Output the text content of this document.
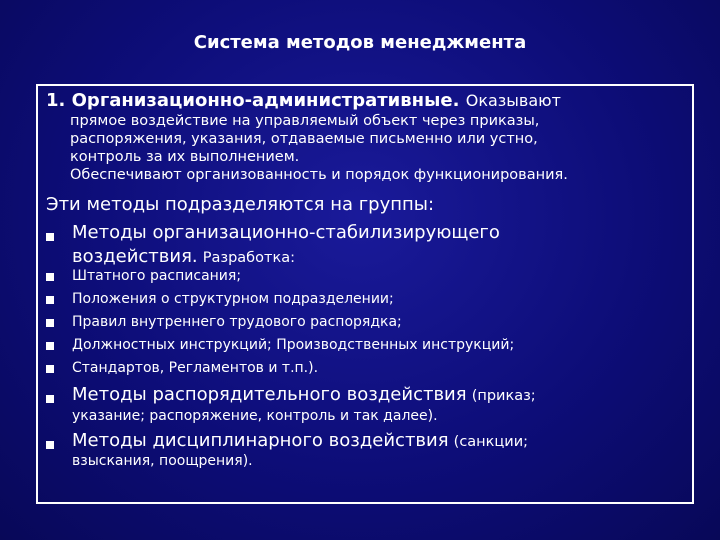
Система методов менеджмента
1. Организационно-административные. Оказывают
прямое воздействие на управляемый объект через приказы,
распоряжения, указания, отдаваемые письменно или устно,
контроль за их выполнением.
Обеспечивают организованность и порядок функционирования.
Эти методы подразделяются на группы:
Методы организационно-стабилизирующего
воздействия. Разработка:
Штатного расписания;
Положения о структурном подразделении;
Правил внутреннего трудового распорядка;
Должностных инструкций; Производственных инструкций;
Стандартов, Регламентов и т.п.).
Методы распорядительного воздействия (приказ;
указание; распоряжение, контроль и так далее).
Методы дисциплинарного воздействия (санкции;
взыскания, поощрения).
